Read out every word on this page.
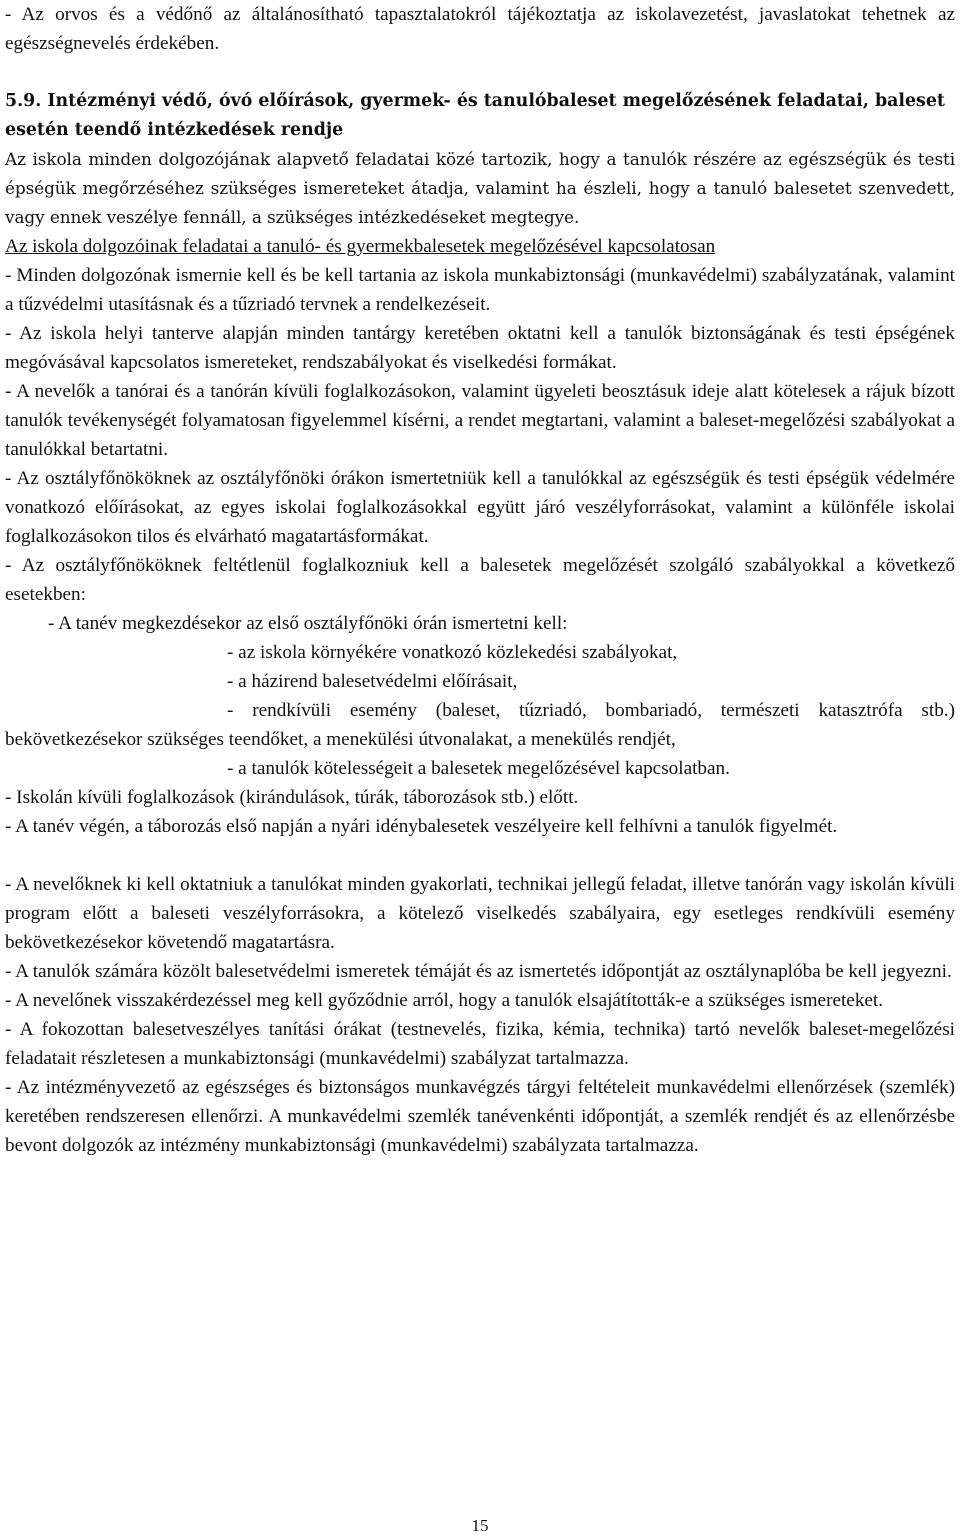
- Az orvos és a védőnő az általánosítható tapasztalatokról tájékoztatja az iskolavezetést, javaslatokat tehetnek az egészségnevelés érdekében.

5.9. Intézményi védő, óvó előírások, gyermek- és tanulóbaleset megelőzésének feladatai, baleset esetén teendő intézkedések rendje

Az iskola minden dolgozójának alapvető feladatai közé tartozik, hogy a tanulók részére az egészségük és testi épségük megőrzéséhez szükséges ismereteket átadja, valamint ha észleli, hogy a tanuló balesetet szenvedett, vagy ennek veszélye fennáll, a szükséges intézkedéseket megtegye.

Az iskola dolgozóinak feladatai a tanuló- és gyermekbalesetek megelőzésével kapcsolatosan

- Minden dolgozónak ismernie kell és be kell tartania az iskola munkabiztonsági (munkavédelmi) szabályzatának, valamint a tűzvédelmi utasításnak és a tűzriadó tervnek a rendelkezéseit.

- Az iskola helyi tanterve alapján minden tantárgy keretében oktatni kell a tanulók biztonságának és testi épségének megóvásával kapcsolatos ismereteket, rendszabályokat és viselkedési formákat.

- A nevelők a tanórai és a tanórán kívüli foglalkozásokon, valamint ügyeleti beosztásuk ideje alatt kötelesek a rájuk bízott tanulók tevékenységét folyamatosan figyelemmel kísérni, a rendet megtartani, valamint a baleset-megelőzési szabályokat a tanulókkal betartatni.

- Az osztályfőnököknek az osztályfőnöki órákon ismertetniük kell a tanulókkal az egészségük és testi épségük védelmére vonatkozó előírásokat, az egyes iskolai foglalkozásokkal együtt járó veszélyforrásokat, valamint a különféle iskolai foglalkozásokon tilos és elvárható magatartásformákat.

- Az osztályfőnököknek feltétlenül foglalkozniuk kell a balesetek megelőzését szolgáló szabályokkal a következő esetekben:

- A tanév megkezdésekor az első osztályfőnöki órán ismertetni kell:

- az iskola környékére vonatkozó közlekedési szabályokat,

- a házirend balesetvédelmi előírásait,

- rendkívüli esemény (baleset, tűzriadó, bombariadó, természeti katasztrófa stb.) bekövetkezésekor szükséges teendőket, a menekülési útvonalakat, a menekülés rendjét,

- a tanulók kötelességeit a balesetek megelőzésével kapcsolatban.

- Iskolán kívüli foglalkozások (kirándulások, túrák, táborozások stb.) előtt.

- A tanév végén, a táborozás első napján a nyári idénybalesetek veszélyeire kell felhívni a tanulók figyelmét.

- A nevelőknek ki kell oktatniuk a tanulókat minden gyakorlati, technikai jellegű feladat, illetve tanórán vagy iskolán kívüli program előtt a baleseti veszélyforrásokra, a kötelező viselkedés szabályaira, egy esetleges rendkívüli esemény bekövetkezésekor követendő magatartásra.

- A tanulók számára közölt balesetvédelmi ismeretek témáját és az ismertetés időpontját az osztálynaplóba be kell jegyezni.

- A nevelőnek visszakérdezéssel meg kell győződnie arról, hogy a tanulók elsajátították-e a szükséges ismereteket.

- A fokozottan balesetveszélyes tanítási órákat (testnevelés, fizika, kémia, technika) tartó nevelők baleset-megelőzési feladatait részletesen a munkabiztonsági (munkavédelmi) szabályzat tartalmazza.

- Az intézményvezető az egészséges és biztonságos munkavégzés tárgyi feltételeit munkavédelmi ellenőrzések (szemlék) keretében rendszeresen ellenőrzi. A munkavédelmi szemlék tanévenkénti időpontját, a szemlék rendjét és az ellenőrzésbe bevont dolgozók az intézmény munkabiztonsági (munkavédelmi) szabályzata tartalmazza.

15
